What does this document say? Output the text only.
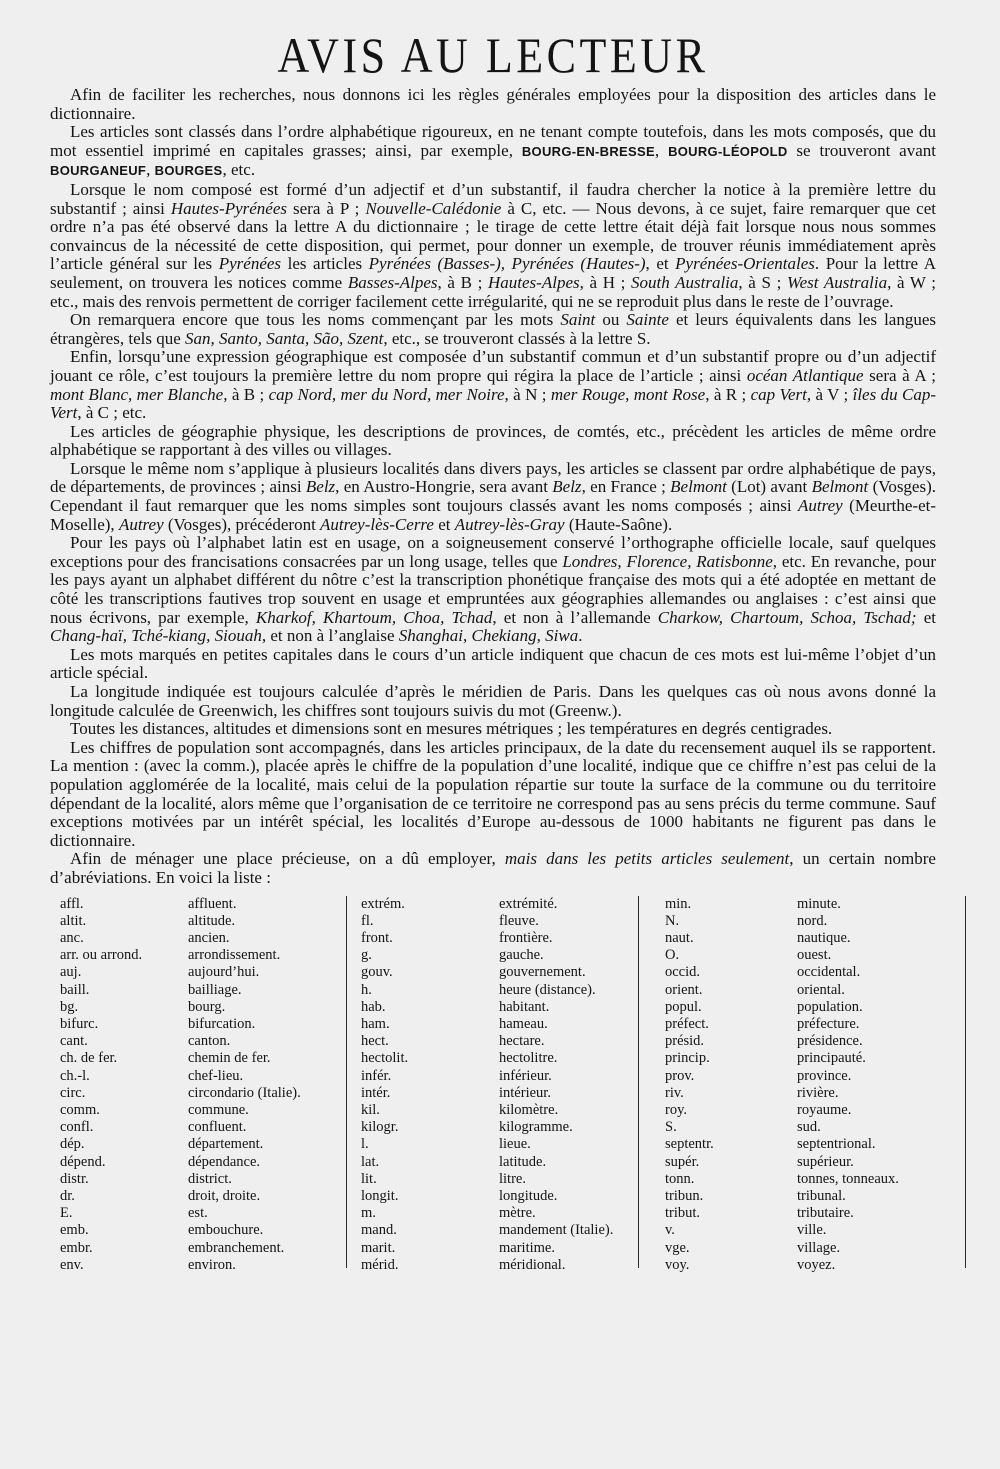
AVIS AU LECTEUR

Afin de faciliter les recherches, nous donnons ici les règles générales employées pour la disposition des articles dans le dictionnaire.

Les articles sont classés dans l’ordre alphabétique rigoureux, en ne tenant compte toutefois, dans les mots composés, que du mot essentiel imprimé en capitales grasses; ainsi, par exemple, BOURG-EN-BRESSE, BOURG-LÉOPOLD se trouveront avant BOURGANEUF, BOURGES, etc.

Lorsque le nom composé est formé d’un adjectif et d’un substantif, il faudra chercher la notice à la première lettre du substantif ; ainsi Hautes-Pyrénées sera à P ; Nouvelle-Calédonie à C, etc. — Nous devons, à ce sujet, faire remarquer que cet ordre n’a pas été observé dans la lettre A du dictionnaire ; le tirage de cette lettre était déjà fait lorsque nous nous sommes convaincus de la nécessité de cette disposition, qui permet, pour donner un exemple, de trouver réunis immédiatement après l’article général sur les Pyrénées les articles Pyrénées (Basses-), Pyrénées (Hautes-), et Pyrénées-Orientales. Pour la lettre A seulement, on trouvera les notices comme Basses-Alpes, à B ; Hautes-Alpes, à H ; South Australia, à S ; West Australia, à W ; etc., mais des renvois permettent de corriger facilement cette irrégularité, qui ne se reproduit plus dans le reste de l’ouvrage.

On remarquera encore que tous les noms commençant par les mots Saint ou Sainte et leurs équivalents dans les langues étrangères, tels que San, Santo, Santa, São, Szent, etc., se trouveront classés à la lettre S.

Enfin, lorsqu’une expression géographique est composée d’un substantif commun et d’un substantif propre ou d’un adjectif jouant ce rôle, c’est toujours la première lettre du nom propre qui régira la place de l’article ; ainsi océan Atlantique sera à A ; mont Blanc, mer Blanche, à B ; cap Nord, mer du Nord, mer Noire, à N ; mer Rouge, mont Rose, à R ; cap Vert, à V ; îles du Cap-Vert, à C ; etc.

Les articles de géographie physique, les descriptions de provinces, de comtés, etc., précèdent les articles de même ordre alphabétique se rapportant à des villes ou villages.

Lorsque le même nom s’applique à plusieurs localités dans divers pays, les articles se classent par ordre alphabétique de pays, de départements, de provinces ; ainsi Belz, en Austro-Hongrie, sera avant Belz, en France ; Belmont (Lot) avant Belmont (Vosges). Cependant il faut remarquer que les noms simples sont toujours classés avant les noms composés ; ainsi Autrey (Meurthe-et-Moselle), Autrey (Vosges), précéderont Autrey-lès-Cerre et Autrey-lès-Gray (Haute-Saône).

Pour les pays où l’alphabet latin est en usage, on a soigneusement conservé l’orthographe officielle locale, sauf quelques exceptions pour des francisations consacrées par un long usage, telles que Londres, Florence, Ratisbonne, etc. En revanche, pour les pays ayant un alphabet différent du nôtre c’est la transcription phonétique française des mots qui a été adoptée en mettant de côté les transcriptions fautives trop souvent en usage et empruntées aux géographies allemandes ou anglaises : c’est ainsi que nous écrivons, par exemple, Kharkof, Khartoum, Choa, Tchad, et non à l’allemande Charkow, Chartoum, Schoa, Tschad; et Chang-haï, Tché-kiang, Siouah, et non à l’anglaise Shanghai, Chekiang, Siwa.

Les mots marqués en petites capitales dans le cours d’un article indiquent que chacun de ces mots est lui-même l’objet d’un article spécial.

La longitude indiquée est toujours calculée d’après le méridien de Paris. Dans les quelques cas où nous avons donné la longitude calculée de Greenwich, les chiffres sont toujours suivis du mot (Greenw.).

Toutes les distances, altitudes et dimensions sont en mesures métriques ; les températures en degrés centigrades.

Les chiffres de population sont accompagnés, dans les articles principaux, de la date du recensement auquel ils se rapportent. La mention : (avec la comm.), placée après le chiffre de la population d’une localité, indique que ce chiffre n’est pas celui de la population agglomérée de la localité, mais celui de la population répartie sur toute la surface de la commune ou du territoire dépendant de la localité, alors même que l’organisation de ce territoire ne correspond pas au sens précis du terme commune. Sauf exceptions motivées par un intérêt spécial, les localités d’Europe au-dessous de 1000 habitants ne figurent pas dans le dictionnaire.

Afin de ménager une place précieuse, on a dû employer, mais dans les petits articles seulement, un certain nombre d’abréviations. En voici la liste :

affl.	affluent.
altit.	altitude.
anc.	ancien.
arr. ou arrond.	arrondissement.
auj.	aujourd’hui.
baill.	bailliage.
bg.	bourg.
bifurc.	bifurcation.
cant.	canton.
ch. de fer.	chemin de fer.
ch.-l.	chef-lieu.
circ.	circondario (Italie).
comm.	commune.
confl.	confluent.
dép.	département.
dépend.	dépendance.
distr.	district.
dr.	droit, droite.
E.	est.
emb.	embouchure.
embr.	embranchement.
env.	environ.
extrém.	extrémité.
fl.	fleuve.
front.	frontière.
g.	gauche.
gouv.	gouvernement.
h.	heure (distance).
hab.	habitant.
ham.	hameau.
hect.	hectare.
hectolit.	hectolitre.
infér.	inférieur.
intér.	intérieur.
kil.	kilomètre.
kilogr.	kilogramme.
l.	lieue.
lat.	latitude.
lit.	litre.
longit.	longitude.
m.	mètre.
mand.	mandement (Italie).
marit.	maritime.
mérid.	méridional.
min.	minute.
N.	nord.
naut.	nautique.
O.	ouest.
occid.	occidental.
orient.	oriental.
popul.	population.
préfect.	préfecture.
présid.	présidence.
princip.	principauté.
prov.	province.
riv.	rivière.
roy.	royaume.
S.	sud.
septentr.	septentrional.
supér.	supérieur.
tonn.	tonnes, tonneaux.
tribun.	tribunal.
tribut.	tributaire.
v.	ville.
vge.	village.
voy.	voyez.
